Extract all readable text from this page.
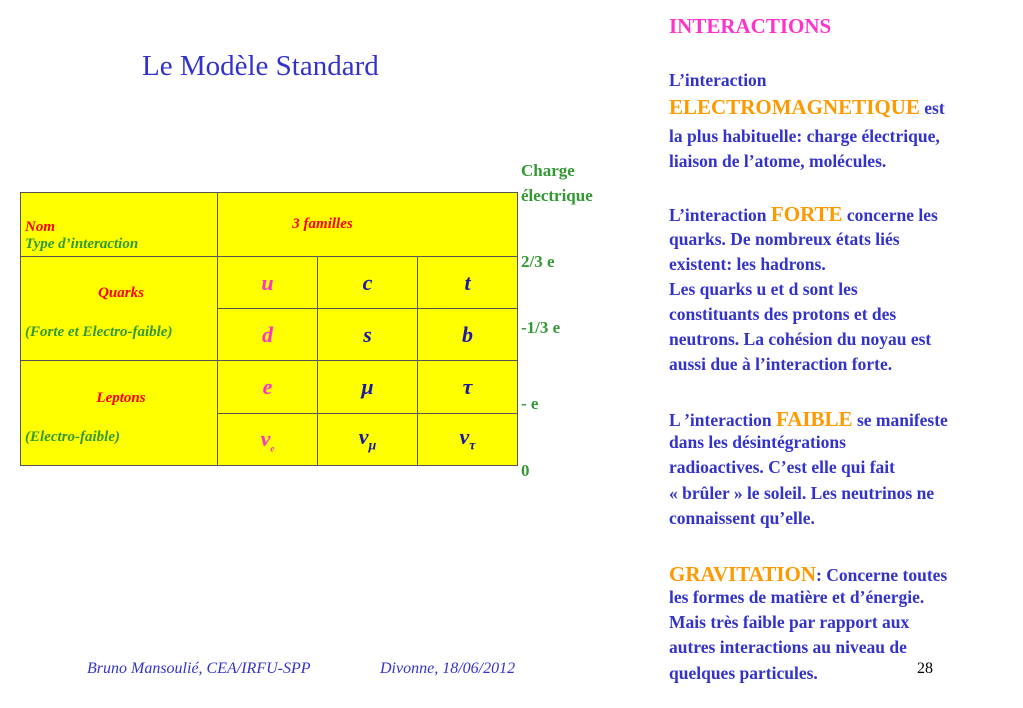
Le Modèle Standard
Nom
Type d’interaction	3 familles		

Quarks
(Forte et Electro-faible)	u	c	t
	d	s	b

Leptons
(Electro-faible)	e	μ	τ
	$\nu_e$	$\nu_\mu$	$\nu_\tau$
Charge
électrique
2/3 e
-1/3 e
- e
0
INTERACTIONS
L’interaction
ELECTROMAGNETIQUE est
la plus habituelle: charge électrique,
liaison de l’atome, molécules.
L’interaction FORTE concerne les
quarks. De nombreux états liés
existent: les hadrons.
Les quarks u et d sont les
constituants des protons et des
neutrons. La cohésion du noyau est
aussi due à l’interaction forte.
L ’interaction FAIBLE se manifeste
dans les désintégrations
radioactives. C’est elle qui fait
« brûler » le soleil. Les neutrinos ne
connaissent qu’elle.
GRAVITATION: Concerne toutes
les formes de matière et d’énergie.
Mais très faible par rapport aux
autres interactions au niveau de
quelques particules.
Bruno Mansoulié, CEA/IRFU-SPP	Divonne, 18/06/2012	28
